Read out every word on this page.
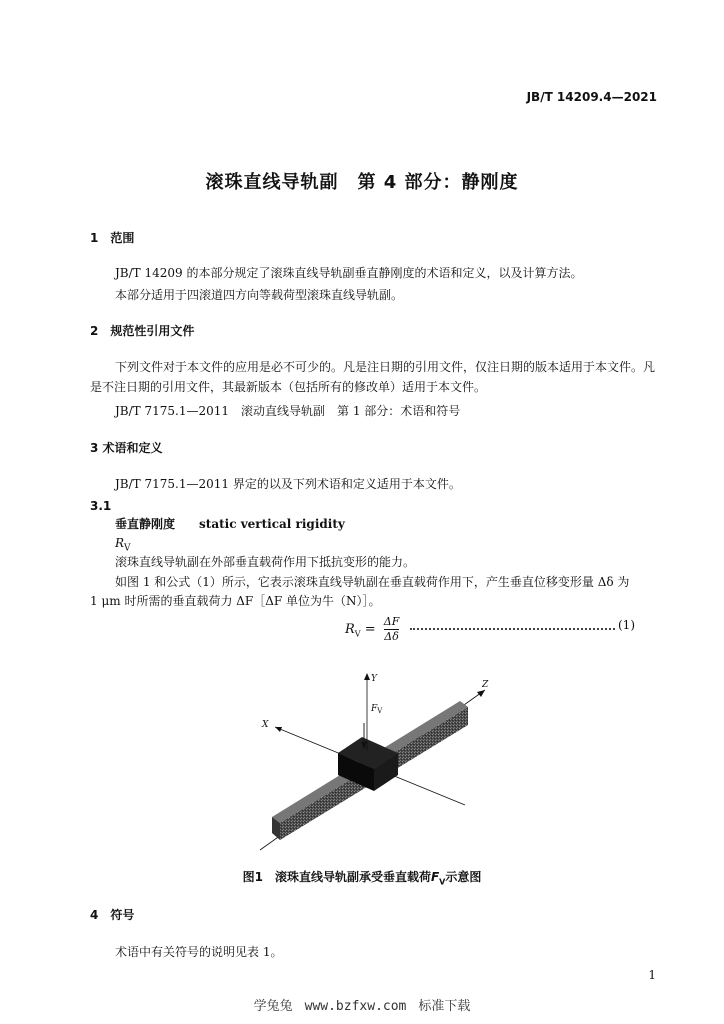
JB/T 14209.4—2021
滚珠直线导轨副　第 4 部分：静刚度
1　范围
JB/T 14209 的本部分规定了滚珠直线导轨副垂直静刚度的术语和定义，以及计算方法。
本部分适用于四滚道四方向等载荷型滚珠直线导轨副。
2　规范性引用文件
下列文件对于本文件的应用是必不可少的。凡是注日期的引用文件，仅注日期的版本适用于本文件。凡是不注日期的引用文件，其最新版本（包括所有的修改单）适用于本文件。
JB/T 7175.1—2011　滚动直线导轨副　第 1 部分：术语和符号
3 术语和定义
JB/T 7175.1—2011 界定的以及下列术语和定义适用于本文件。
3.1
垂直静刚度　　 static vertical rigidity
$R_V$
滚珠直线导轨副在外部垂直载荷作用下抵抗变形的能力。
如图 1 和公式（1）所示，它表示滚珠直线导轨副在垂直载荷作用下，产生垂直位移变形量 Δδ 为
1 μm 时所需的垂直载荷力 ΔF［ΔF 单位为牛（N）］。
$R_V = \frac{\Delta F}{\Delta\delta}$	(1)
X
Z
Y
$F_V$
图1　滚珠直线导轨副承受垂直载荷$F_V$示意图
4　符号
术语中有关符号的说明见表 1。
1
学兔兔 www.bzfxw.com 标准下载
